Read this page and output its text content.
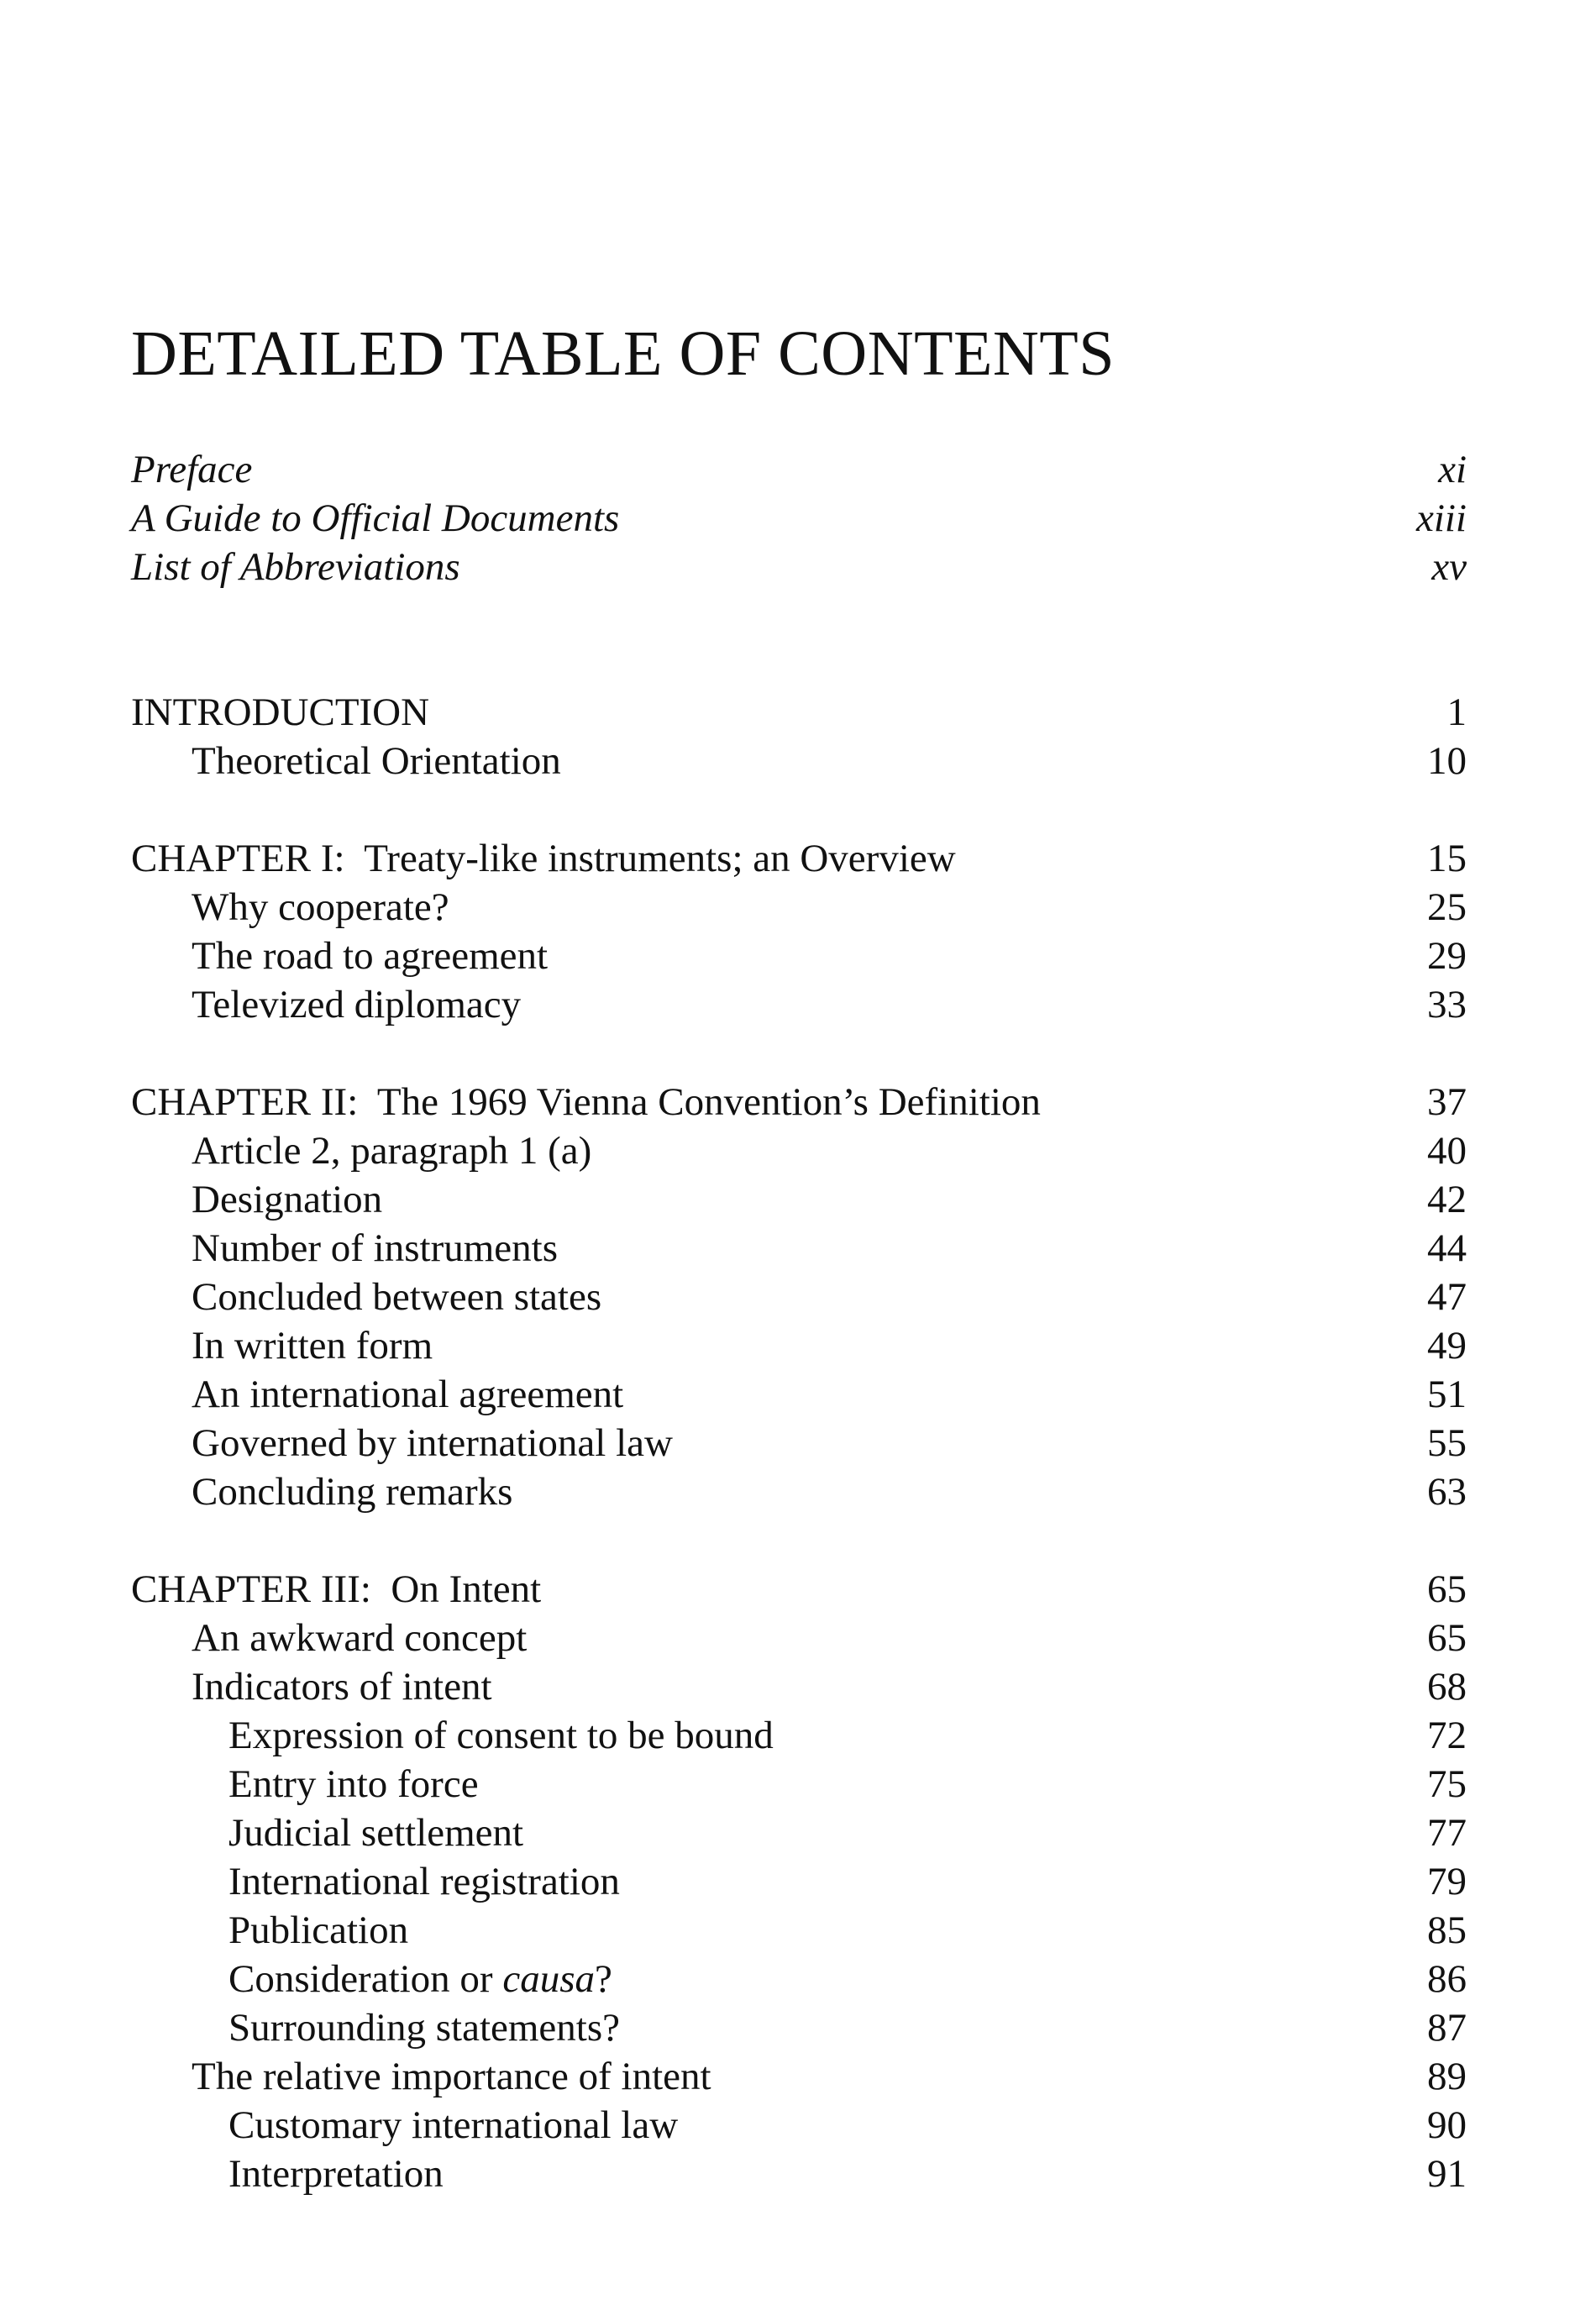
DETAILED TABLE OF CONTENTS
Preface	xi
A Guide to Official Documents	xiii
List of Abbreviations	xv
INTRODUCTION	1
Theoretical Orientation	10
CHAPTER I:  Treaty-like instruments; an Overview	15
Why cooperate?	25
The road to agreement	29
Televized diplomacy	33
CHAPTER II:  The 1969 Vienna Convention’s Definition	37
Article 2, paragraph 1 (a)	40
Designation	42
Number of instruments	44
Concluded between states	47
In written form	49
An international agreement	51
Governed by international law	55
Concluding remarks	63
CHAPTER III:  On Intent	65
An awkward concept	65
Indicators of intent	68
Expression of consent to be bound	72
Entry into force	75
Judicial settlement	77
International registration	79
Publication	85
Consideration or causa?	86
Surrounding statements?	87
The relative importance of intent	89
Customary international law	90
Interpretation	91
